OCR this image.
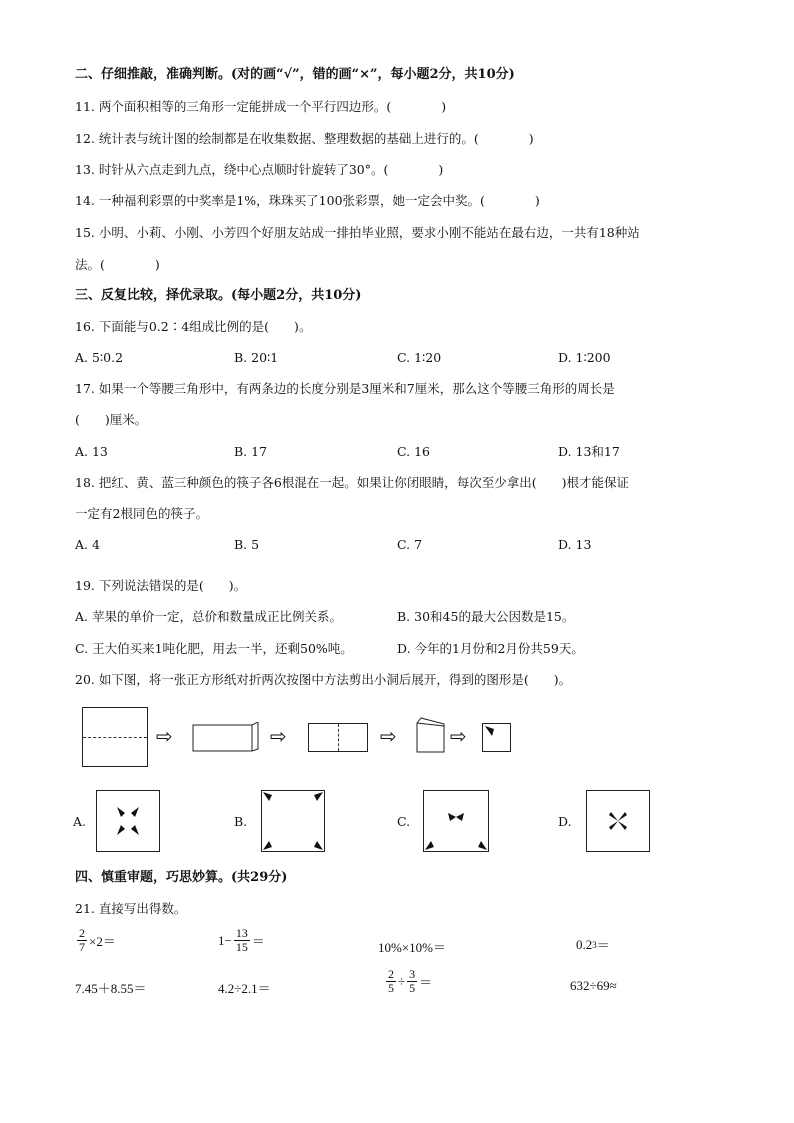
二、仔细推敲，准确判断。(对的画“√”，错的画“×”，每小题2分，共10分)
11. 两个面积相等的三角形一定能拼成一个平行四边形。(　　　　)
12. 统计表与统计图的绘制都是在收集数据、整理数据的基础上进行的。(　　　　)
13. 时针从六点走到九点，绕中心点顺时针旋转了30°。(　　　　)
14. 一种福利彩票的中奖率是1%，珠珠买了100张彩票，她一定会中奖。(　　　　)
15. 小明、小莉、小刚、小芳四个好朋友站成一排拍毕业照，要求小刚不能站在最右边，一共有18种站
法。(　　　　)
三、反复比较，择优录取。(每小题2分，共10分)
16. 下面能与0.2∶4组成比例的是(　　)。
A. 5∶0.2	B. 20∶1	C. 1∶20	D. 1∶200
17. 如果一个等腰三角形中，有两条边的长度分别是3厘米和7厘米，那么这个等腰三角形的周长是
(　　)厘米。
A. 13	B. 17	C. 16	D. 13和17
18. 把红、黄、蓝三种颜色的筷子各6根混在一起。如果让你闭眼睛，每次至少拿出(　　)根才能保证
一定有2根同色的筷子。
A. 4	B. 5	C. 7	D. 13
19. 下列说法错误的是(　　)。
A. 苹果的单价一定，总价和数量成正比例关系。	B. 30和45的最大公因数是15。
C. 王大伯买来1吨化肥，用去一半，还剩50%吨。	D. 今年的1月份和2月份共59天。
20. 如下图，将一张正方形纸对折两次按图中方法剪出小洞后展开，得到的图形是(　　)。
⇨	⇨	⇨	⇨
A.	B.	C.	D.
四、慎重审题，巧思妙算。(共29分)
21. 直接写出得数。
$\frac{2}{7} \times 2=$	$1- \frac{13}{15}$ ＝	10%×10%＝	0.2 3 ＝
7.45＋8.55＝	4.2÷2.1＝	$\frac{2}{5} \div \frac{3}{5}$ ＝	632÷69≈
